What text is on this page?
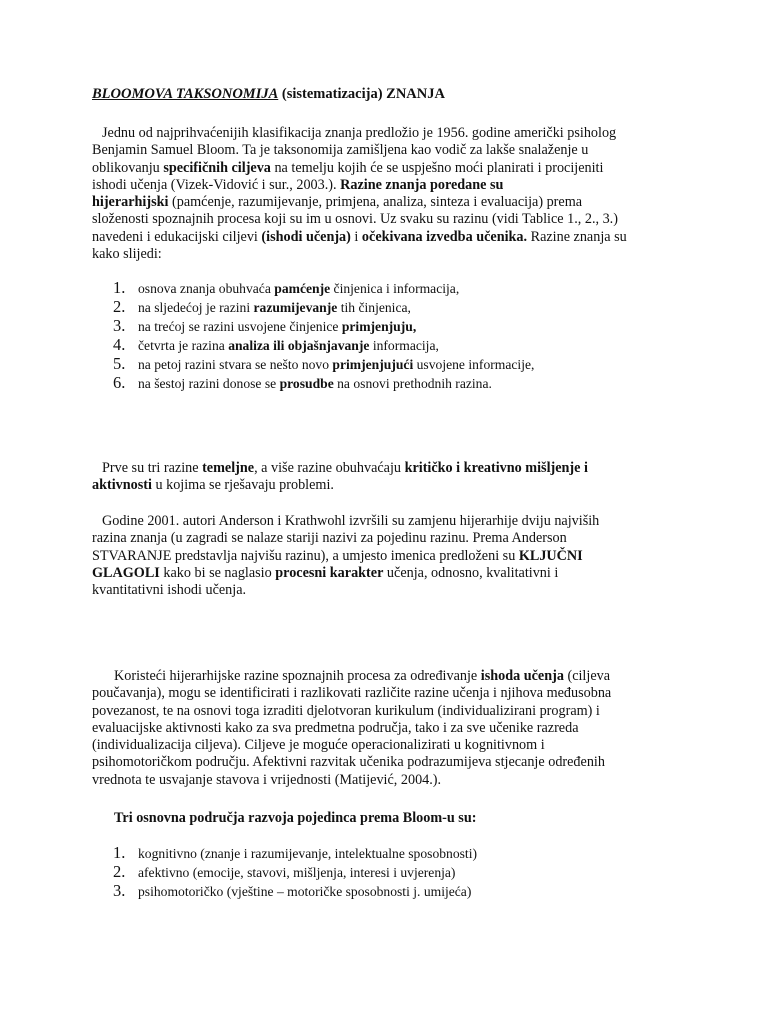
BLOOMOVA TAKSONOMIJA (sistematizacija) ZNANJA
Jednu od najprihvaćenijih klasifikacija znanja predložio je 1956. godine američki psiholog
Benjamin Samuel Bloom. Ta je taksonomija zamišljena kao vodič za lakše snalaženje u
oblikovanju specifičnih ciljeva na temelju kojih će se uspješno moći planirati i procijeniti
ishodi učenja (Vizek-Vidović i sur., 2003.). Razine znanja poredane su
hijerarhijski (pamćenje, razumijevanje, primjena, analiza, sinteza i evaluacija) prema
složenosti spoznajnih procesa koji su im u osnovi. Uz svaku su razinu (vidi Tablice 1., 2., 3.)
navedeni i edukacijski ciljevi (ishodi učenja) i očekivana izvedba učenika. Razine znanja su
kako slijedi:
1. osnova znanja obuhvaća pamćenje činjenica i informacija,
2. na sljedećoj je razini razumijevanje tih činjenica,
3. na trećoj se razini usvojene činjenice primjenjuju,
4. četvrta je razina analiza ili objašnjavanje informacija,
5. na petoj razini stvara se nešto novo primjenjujući usvojene informacije,
6. na šestoj razini donose se prosudbe na osnovi prethodnih razina.
Prve su tri razine temeljne, a više razine obuhvaćaju kritičko i kreativno mišljenje i
aktivnosti u kojima se rješavaju problemi.
Godine 2001. autori Anderson i Krathwohl izvršili su zamjenu hijerarhije dviju najviših
razina znanja (u zagradi se nalaze stariji nazivi za pojedinu razinu. Prema Anderson
STVARANJE predstavlja najvišu razinu), a umjesto imenica predloženi su KLJUČNI
GLAGOLI kako bi se naglasio procesni karakter učenja, odnosno, kvalitativni i
kvantitativni ishodi učenja.
Koristeći hijerarhijske razine spoznajnih procesa za određivanje ishoda učenja (ciljeva
poučavanja), mogu se identificirati i razlikovati različite razine učenja i njihova međusobna
povezanost, te na osnovi toga izraditi djelotvoran kurikulum (individualizirani program) i
evaluacijske aktivnosti kako za sva predmetna područja, tako i za sve učenike razreda
(individualizacija ciljeva). Ciljeve je moguće operacionalizirati u kognitivnom i
psihomotoričkom području. Afektivni razvitak učenika podrazumijeva stjecanje određenih
vrednota te usvajanje stavova i vrijednosti (Matijević, 2004.).
Tri osnovna područja razvoja pojedinca prema Bloom-u su:
1. kognitivno (znanje i razumijevanje, intelektualne sposobnosti)
2. afektivno (emocije, stavovi, mišljenja, interesi i uvjerenja)
3. psihomotoričko (vještine – motoričke sposobnosti j. umijeća)
